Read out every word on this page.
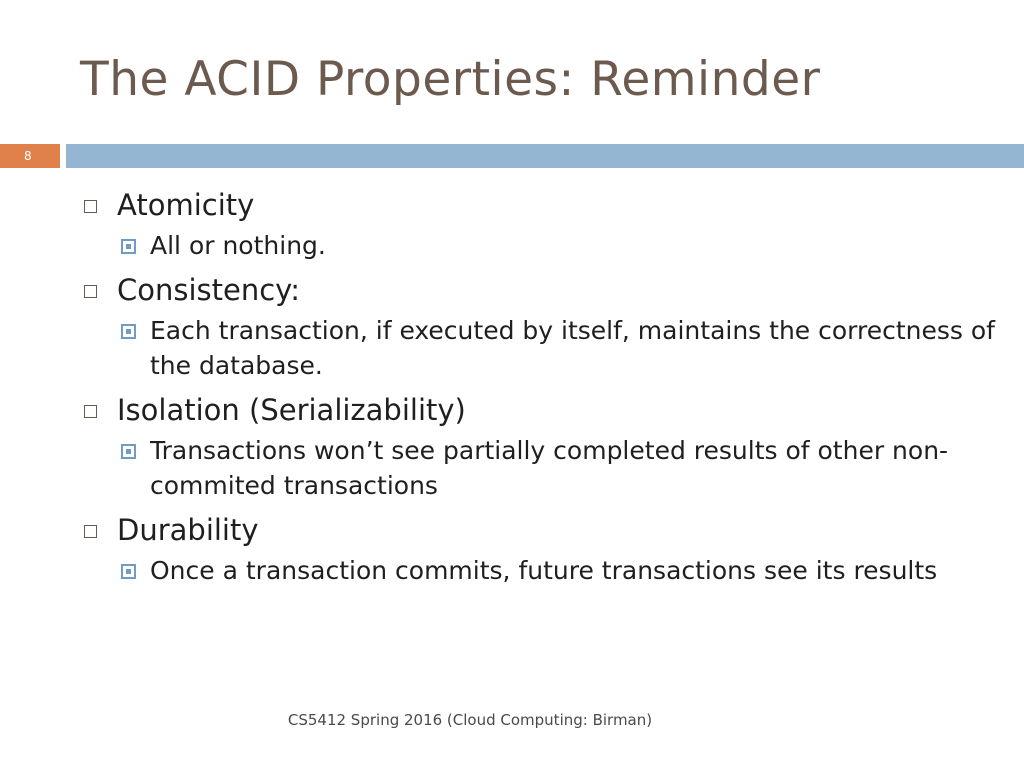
The ACID Properties: Reminder
8
Atomicity
All or nothing.
Consistency:
Each transaction, if executed by itself, maintains the correctness of the database.
Isolation (Serializability)
Transactions won’t see partially completed results of other non-commited transactions
Durability
Once a transaction commits, future transactions see its results
CS5412 Spring 2016 (Cloud Computing: Birman)
